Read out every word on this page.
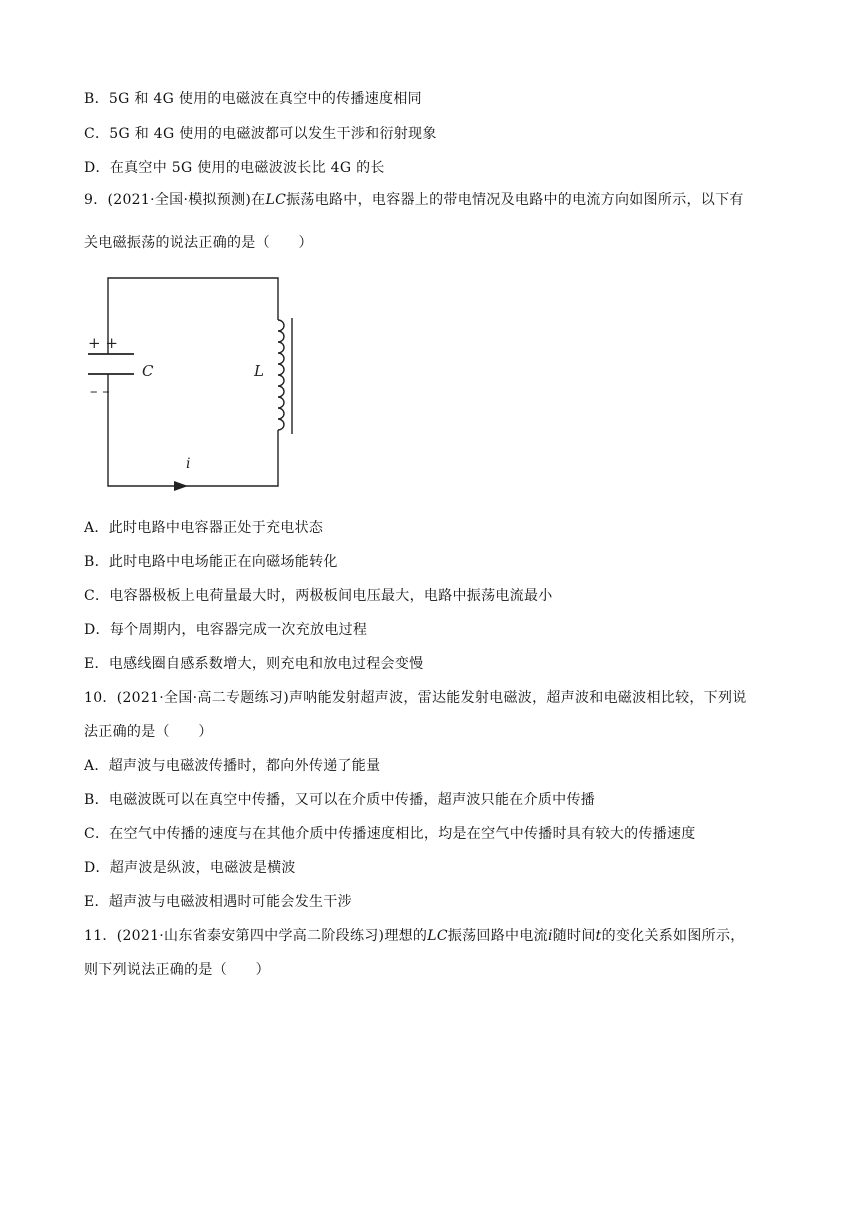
B．5G 和 4G 使用的电磁波在真空中的传播速度相同
C．5G 和 4G 使用的电磁波都可以发生干涉和衍射现象
D．在真空中 5G 使用的电磁波波长比 4G 的长
9．(2021·全国·模拟预测)在LC振荡电路中，电容器上的带电情况及电路中的电流方向如图所示，以下有
关电磁振荡的说法正确的是（　　）
+ +
– –
C	L
i
A．此时电路中电容器正处于充电状态
B．此时电路中电场能正在向磁场能转化
C．电容器极板上电荷量最大时，两极板间电压最大，电路中振荡电流最小
D．每个周期内，电容器完成一次充放电过程
E．电感线圈自感系数增大，则充电和放电过程会变慢
10．(2021·全国·高二专题练习)声呐能发射超声波，雷达能发射电磁波，超声波和电磁波相比较，下列说
法正确的是（　　）
A．超声波与电磁波传播时，都向外传递了能量
B．电磁波既可以在真空中传播，又可以在介质中传播，超声波只能在介质中传播
C．在空气中传播的速度与在其他介质中传播速度相比，均是在空气中传播时具有较大的传播速度
D．超声波是纵波，电磁波是横波
E．超声波与电磁波相遇时可能会发生干涉
11．(2021·山东省泰安第四中学高二阶段练习)理想的LC振荡回路中电流i随时间t的变化关系如图所示，
则下列说法正确的是（　　）
